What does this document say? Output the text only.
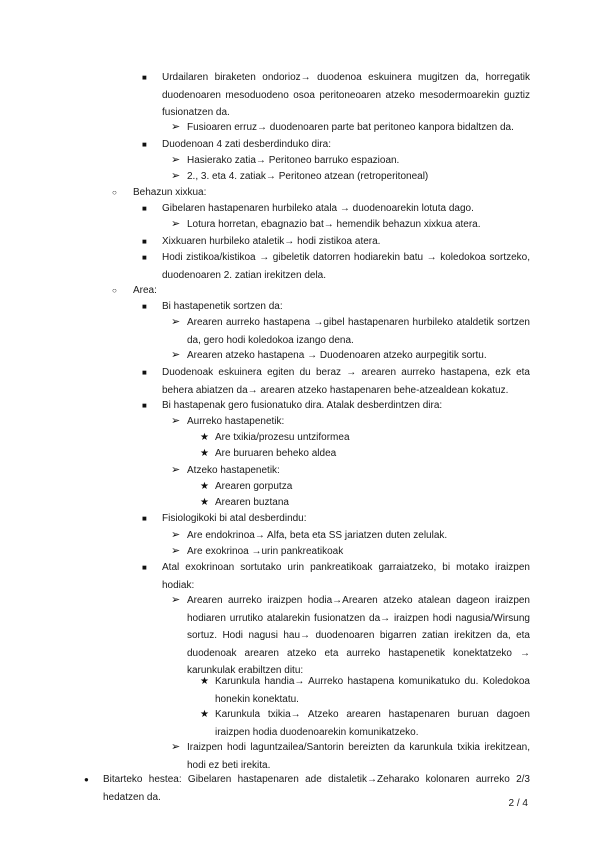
■	Urdailaren biraketen ondorioz→ duodenoa eskuinera mugitzen da, horregatik duodenoaren mesoduodeno osoa peritoneoaren atzeko mesodermoarekin guztiz fusionatzen da.
➢ Fusioaren erruz→ duodenoaren parte bat peritoneo kanpora bidaltzen da.
■	Duodenoan 4 zati desberdinduko dira:
➢ Hasierako zatia→ Peritoneo barruko espazioan.
➢ 2., 3. eta 4. zatiak→ Peritoneo atzean (retroperitoneal)
○	Behazun xixkua:
■	Gibelaren hastapenaren hurbileko atala → duodenoarekin lotuta dago.
➢ Lotura horretan, ebagnazio bat→ hemendik behazun xixkua atera.
■	Xixkuaren hurbileko ataletik→ hodi zistikoa atera.
■	Hodi zistikoa/kistikoa → gibeletik datorren hodiarekin batu → koledokoa sortzeko, duodenoaren 2. zatian irekitzen dela.
○	Area:
■	Bi hastapenetik sortzen da:
➢ Arearen aurreko hastapena →gibel hastapenaren hurbileko ataldetik sortzen da, gero hodi koledokoa izango dena.
➢ Arearen atzeko hastapena → Duodenoaren atzeko aurpegitik sortu.
■	Duodenoak eskuinera egiten du beraz → arearen aurreko hastapena, ezk eta behera abiatzen da→ arearen atzeko hastapenaren behe-atzealdean kokatuz.
■	Bi hastapenak gero fusionatuko dira. Atalak desberdintzen dira:
➢ Aurreko hastapenetik:
★ Are txikia/prozesu untziformea
★ Are buruaren beheko aldea
➢ Atzeko hastapenetik:
★ Arearen gorputza
★ Arearen buztana
■	Fisiologikoki bi atal desberdindu:
➢ Are endokrinoa→ Alfa, beta eta SS jariatzen duten zelulak.
➢ Are exokrinoa →urin pankreatikoak
■	Atal exokrinoan sortutako urin pankreatikoak garraiatzeko, bi motako iraizpen hodiak:
➢ Arearen aurreko iraizpen hodia→Arearen atzeko atalean dageon iraizpen hodiaren urrutiko atalarekin fusionatzen da→ iraizpen hodi nagusia/Wirsung sortuz. Hodi nagusi hau→ duodenoaren bigarren zatian irekitzen da, eta duodenoak arearen atzeko eta aurreko hastapenetik konektatzeko → karunkulak erabiltzen ditu:
★ Karunkula handia→ Aurreko hastapena komunikatuko du. Koledokoa honekin konektatu.
★ Karunkula txikia→ Atzeko arearen hastapenaren buruan dagoen iraizpen hodia duodenoarekin komunikatzeko.
➢ Iraizpen hodi laguntzailea/Santorin bereizten da karunkula txikia irekitzean, hodi ez beti irekita.
●	Bitarteko hestea: Gibelaren hastapenaren ade distaletik→Zeharako kolonaren aurreko 2/3 hedatzen da.
2 / 4
